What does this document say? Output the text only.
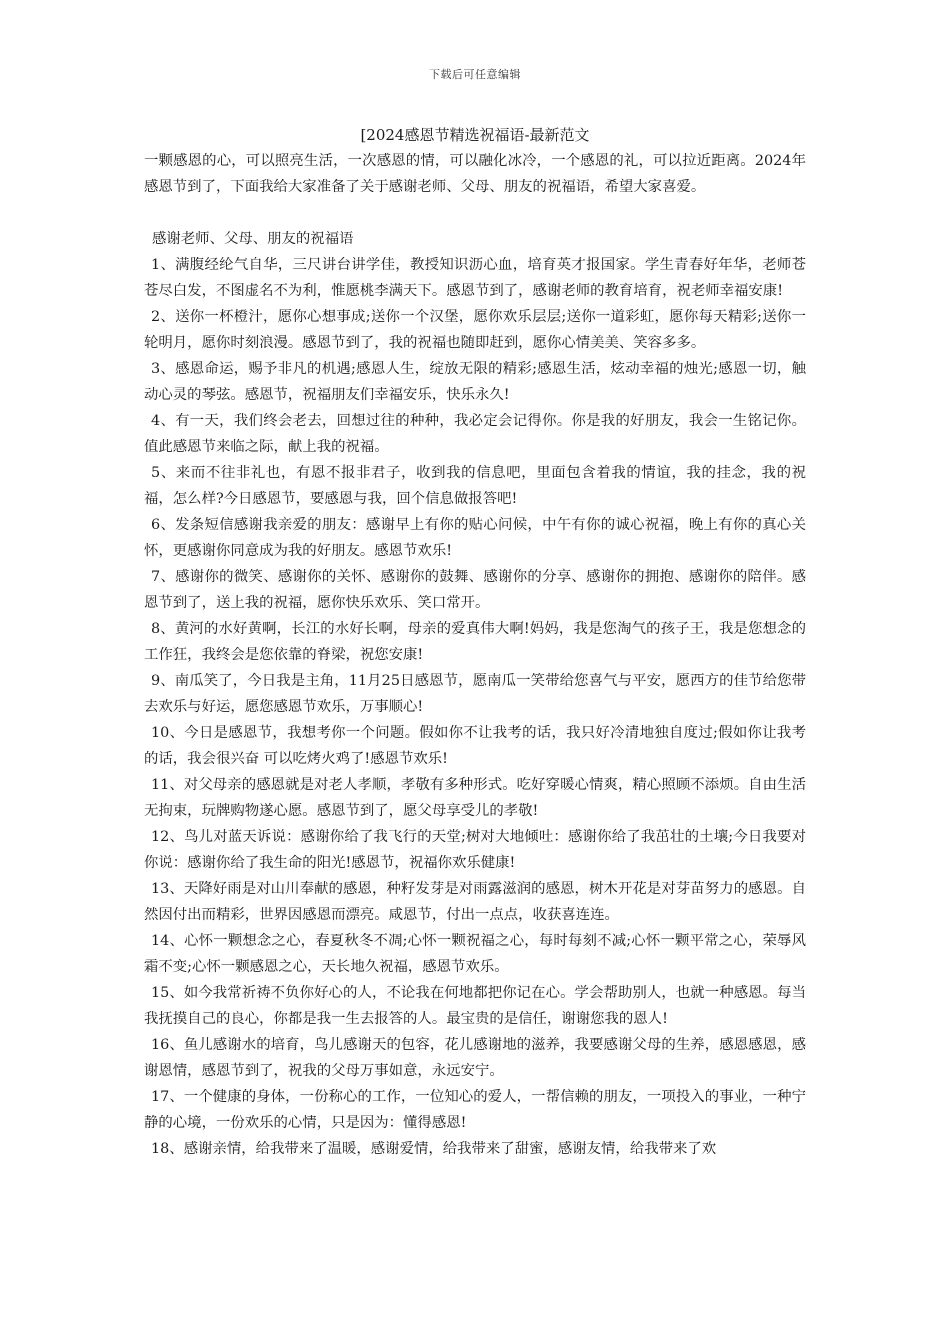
下载后可任意编辑
[2024感恩节精选祝福语-最新范文

一颗感恩的心，可以照亮生活，一次感恩的情，可以融化冰冷，一个感恩的礼，可以拉近距离。2024年感恩节到了，下面我给大家准备了关于感谢老师、父母、朋友的祝福语，希望大家喜爱。

感谢老师、父母、朋友的祝福语

1、满腹经纶气自华，三尺讲台讲学佳，教授知识沥心血，培育英才报国家。学生青春好年华，老师苍苍尽白发，不图虚名不为利，惟愿桃李满天下。感恩节到了，感谢老师的教育培育，祝老师幸福安康!

2、送你一杯橙汁，愿你心想事成;送你一个汉堡，愿你欢乐层层;送你一道彩虹，愿你每天精彩;送你一轮明月，愿你时刻浪漫。感恩节到了，我的祝福也随即赶到，愿你心情美美、笑容多多。

3、感恩命运，赐予非凡的机遇;感恩人生，绽放无限的精彩;感恩生活，炫动幸福的烛光;感恩一切，触动心灵的琴弦。感恩节，祝福朋友们幸福安乐，快乐永久!

4、有一天，我们终会老去，回想过往的种种，我必定会记得你。你是我的好朋友，我会一生铭记你。值此感恩节来临之际，献上我的祝福。

5、来而不往非礼也，有恩不报非君子，收到我的信息吧，里面包含着我的情谊，我的挂念，我的祝福，怎么样?今日感恩节，要感恩与我，回个信息做报答吧!

6、发条短信感谢我亲爱的朋友：感谢早上有你的贴心问候，中午有你的诚心祝福，晚上有你的真心关怀，更感谢你同意成为我的好朋友。感恩节欢乐!

7、感谢你的微笑、感谢你的关怀、感谢你的鼓舞、感谢你的分享、感谢你的拥抱、感谢你的陪伴。感恩节到了，送上我的祝福，愿你快乐欢乐、笑口常开。

8、黄河的水好黄啊，长江的水好长啊，母亲的爱真伟大啊!妈妈，我是您淘气的孩子王，我是您想念的工作狂，我终会是您依靠的脊梁，祝您安康!

9、南瓜笑了，今日我是主角，11月25日感恩节，愿南瓜一笑带给您喜气与平安，愿西方的佳节给您带去欢乐与好运，愿您感恩节欢乐，万事顺心!

10、今日是感恩节，我想考你一个问题。假如你不让我考的话，我只好冷清地独自度过;假如你让我考的话，我会很兴奋 可以吃烤火鸡了!感恩节欢乐!

11、对父母亲的感恩就是对老人孝顺，孝敬有多种形式。吃好穿暖心情爽，精心照顾不添烦。自由生活无拘束，玩牌购物遂心愿。感恩节到了，愿父母享受儿的孝敬!

12、鸟儿对蓝天诉说：感谢你给了我飞行的天堂;树对大地倾吐：感谢你给了我茁壮的土壤;今日我要对你说：感谢你给了我生命的阳光!感恩节，祝福你欢乐健康!

13、天降好雨是对山川奉献的感恩，种籽发芽是对雨露滋润的感恩，树木开花是对芽苗努力的感恩。自然因付出而精彩，世界因感恩而漂亮。咸恩节，付出一点点，收获喜连连。

14、心怀一颗想念之心，春夏秋冬不凋;心怀一颗祝福之心，每时每刻不减;心怀一颗平常之心，荣辱风霜不变;心怀一颗感恩之心，天长地久祝福，感恩节欢乐。

15、如今我常祈祷不负你好心的人，不论我在何地都把你记在心。学会帮助别人，也就一种感恩。每当我抚摸自己的良心，你都是我一生去报答的人。最宝贵的是信任，谢谢您我的恩人!

16、鱼儿感谢水的培育，鸟儿感谢天的包容，花儿感谢地的滋养，我要感谢父母的生养，感恩感恩，感谢恩情，感恩节到了，祝我的父母万事如意，永远安宁。

17、一个健康的身体，一份称心的工作，一位知心的爱人，一帮信赖的朋友，一项投入的事业，一种宁静的心境，一份欢乐的心情，只是因为：懂得感恩!

18、感谢亲情，给我带来了温暖，感谢爱情，给我带来了甜蜜，感谢友情，给我带来了欢
